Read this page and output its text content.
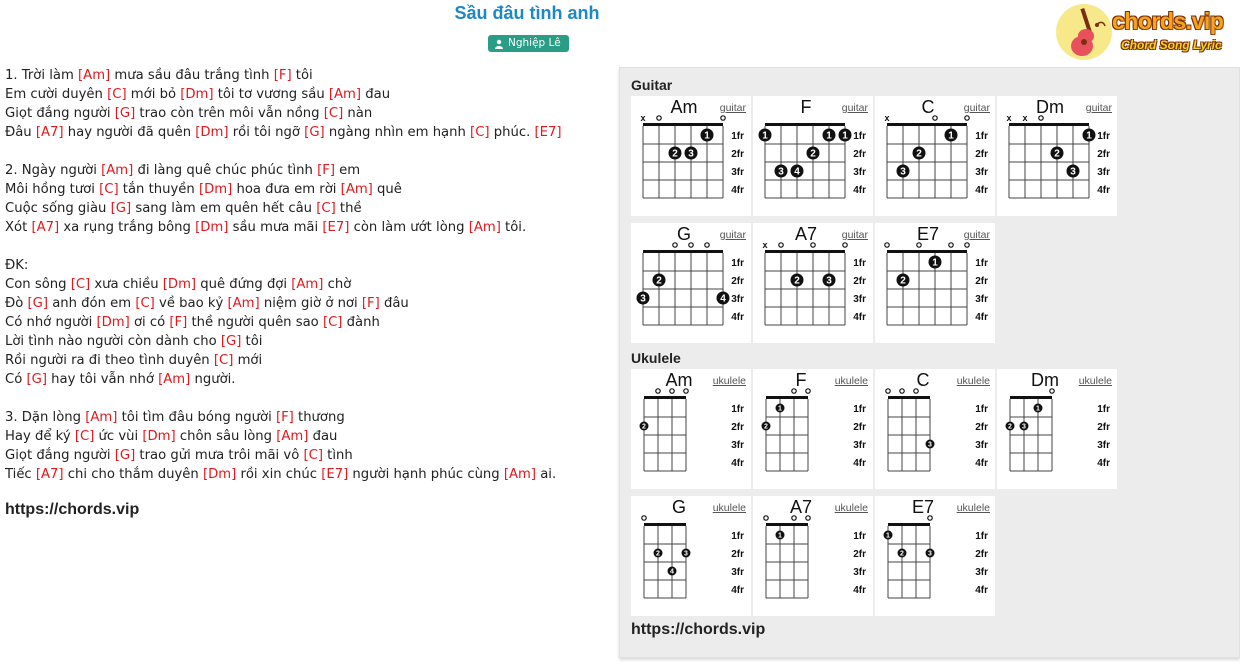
Sầu đâu tình anh
Nghiệp Lê
chords.vip
Chord Song Lyric
1. Trời làm [Am] mưa sầu đâu trắng tình [F] tôi
Em cười duyên [C] mới bỏ [Dm] tôi tơ vương sầu [Am] đau
Giọt đắng người [G] trao còn trên môi vẫn nồng [C] nàn
Đâu [A7] hay người đã quên [Dm] rồi tôi ngỡ [G] ngàng nhìn em hạnh [C] phúc. [E7]
2. Ngày người [Am] đi làng quê chúc phúc tình [F] em
Môi hồng tươi [C] tắn thuyền [Dm] hoa đưa em rời [Am] quê
Cuộc sống giàu [G] sang làm em quên hết câu [C] thề
Xót [A7] xa rụng trắng bông [Dm] sầu mưa mãi [E7] còn làm ướt lòng [Am] tôi.
ĐK:
Con sông [C] xưa chiều [Dm] quê đứng đợi [Am] chờ
Đò [G] anh đón em [C] về bao kỷ [Am] niệm giờ ở nơi [F] đâu
Có nhớ người [Dm] ơi có [F] thề người quên sao [C] đành
Lời tình nào người còn dành cho [G] tôi
Rồi người ra đi theo tình duyên [C] mới
Có [G] hay tôi vẫn nhớ [Am] người.
3. Dặn lòng [Am] tôi tìm đâu bóng người [F] thương
Hay để ký [C] ức vùi [Dm] chôn sâu lòng [Am] đau
Giọt đắng người [G] trao gửi mưa trôi mãi vô [C] tình
Tiếc [A7] chi cho thắm duyên [Dm] rồi xin chúc [E7] người hạnh phúc cùng [Am] ai.
https://chords.vip
Guitar
Ukulele
https://chords.vip
x
2 3
1 1fr
2fr
3fr
4fr
Am	guitar
1
3 4
2
1 1 1fr
2fr
3fr
4fr
F	guitar
x
3
2
1 1fr
2fr
3fr
4fr
C	guitar
x x
2
3
1 1fr
2fr
3fr
4fr
Dm	guitar
3
2
4
1fr
2fr
3fr
4fr
G	guitar
x
2	3
1fr
2fr
3fr
4fr
A7	guitar
2
1	1fr
2fr
3fr
4fr
E7	guitar
2
1fr
2fr
3fr
4fr
Am	ukulele
2
1	1fr
2fr
3fr
4fr
F	ukulele
3
1fr
2fr
3fr
4fr
C	ukulele
2 3
1	1fr
2fr
3fr
4fr
Dm	ukulele
2
4
3
1fr
2fr
3fr
4fr
G	ukulele
1	1fr
2fr
3fr
4fr
A7	ukulele
1
2	3
1fr
2fr
3fr
4fr
E7	ukulele
